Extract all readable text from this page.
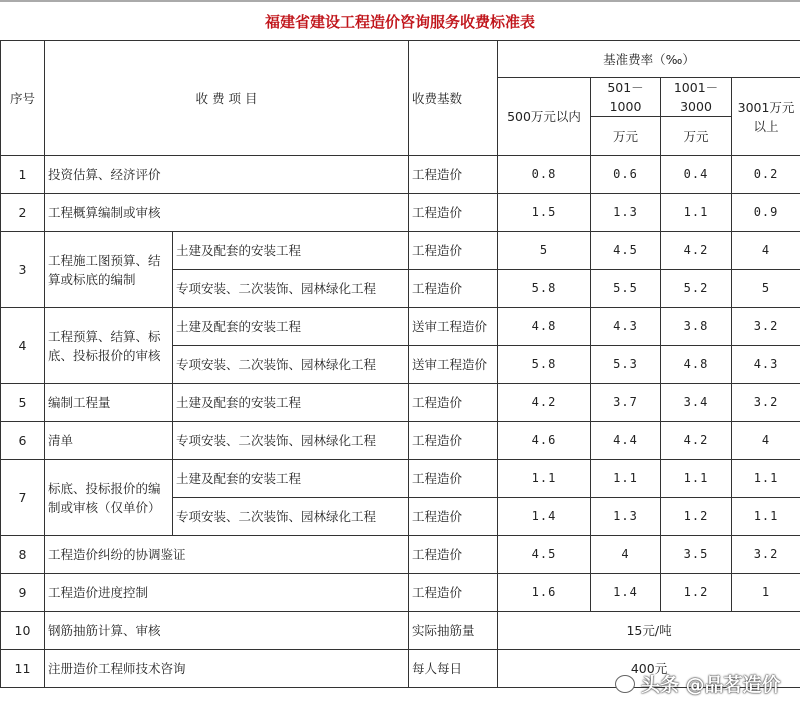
福建省建设工程造价咨询服务收费标准表
序号	收 费 项 目		收费基数	基准费率（‰）			
				500万元以内	501－1000	1001－3000	3001万元以上
					万元	万元	
1	投资估算、经济评价		工程造价	0.8	0.6	0.4	0.2
2	工程概算编制或审核		工程造价	1.5	1.3	1.1	0.9
3	工程施工图预算、结算或标底的编制	土建及配套的安装工程	工程造价	5	4.5	4.2	4
		专项安装、二次装饰、园林绿化工程	工程造价	5.8	5.5	5.2	5
4	工程预算、结算、标底、投标报价的审核	土建及配套的安装工程	送审工程造价	4.8	4.3	3.8	3.2
		专项安装、二次装饰、园林绿化工程	送审工程造价	5.8	5.3	4.8	4.3
5	编制工程量	土建及配套的安装工程	工程造价	4.2	3.7	3.4	3.2
6	清单	专项安装、二次装饰、园林绿化工程	工程造价	4.6	4.4	4.2	4
7	标底、投标报价的编制或审核（仅单价）	土建及配套的安装工程	工程造价	1.1	1.1	1.1	1.1
		专项安装、二次装饰、园林绿化工程	工程造价	1.4	1.3	1.2	1.1
8	工程造价纠纷的协调鉴证		工程造价	4.5	4	3.5	3.2
9	工程造价进度控制		工程造价	1.6	1.4	1.2	1
10	钢筋抽筋计算、审核		实际抽筋量	15元/吨			
11	注册造价工程师技术咨询		每人每日	400元			
头条 @品茗造价
